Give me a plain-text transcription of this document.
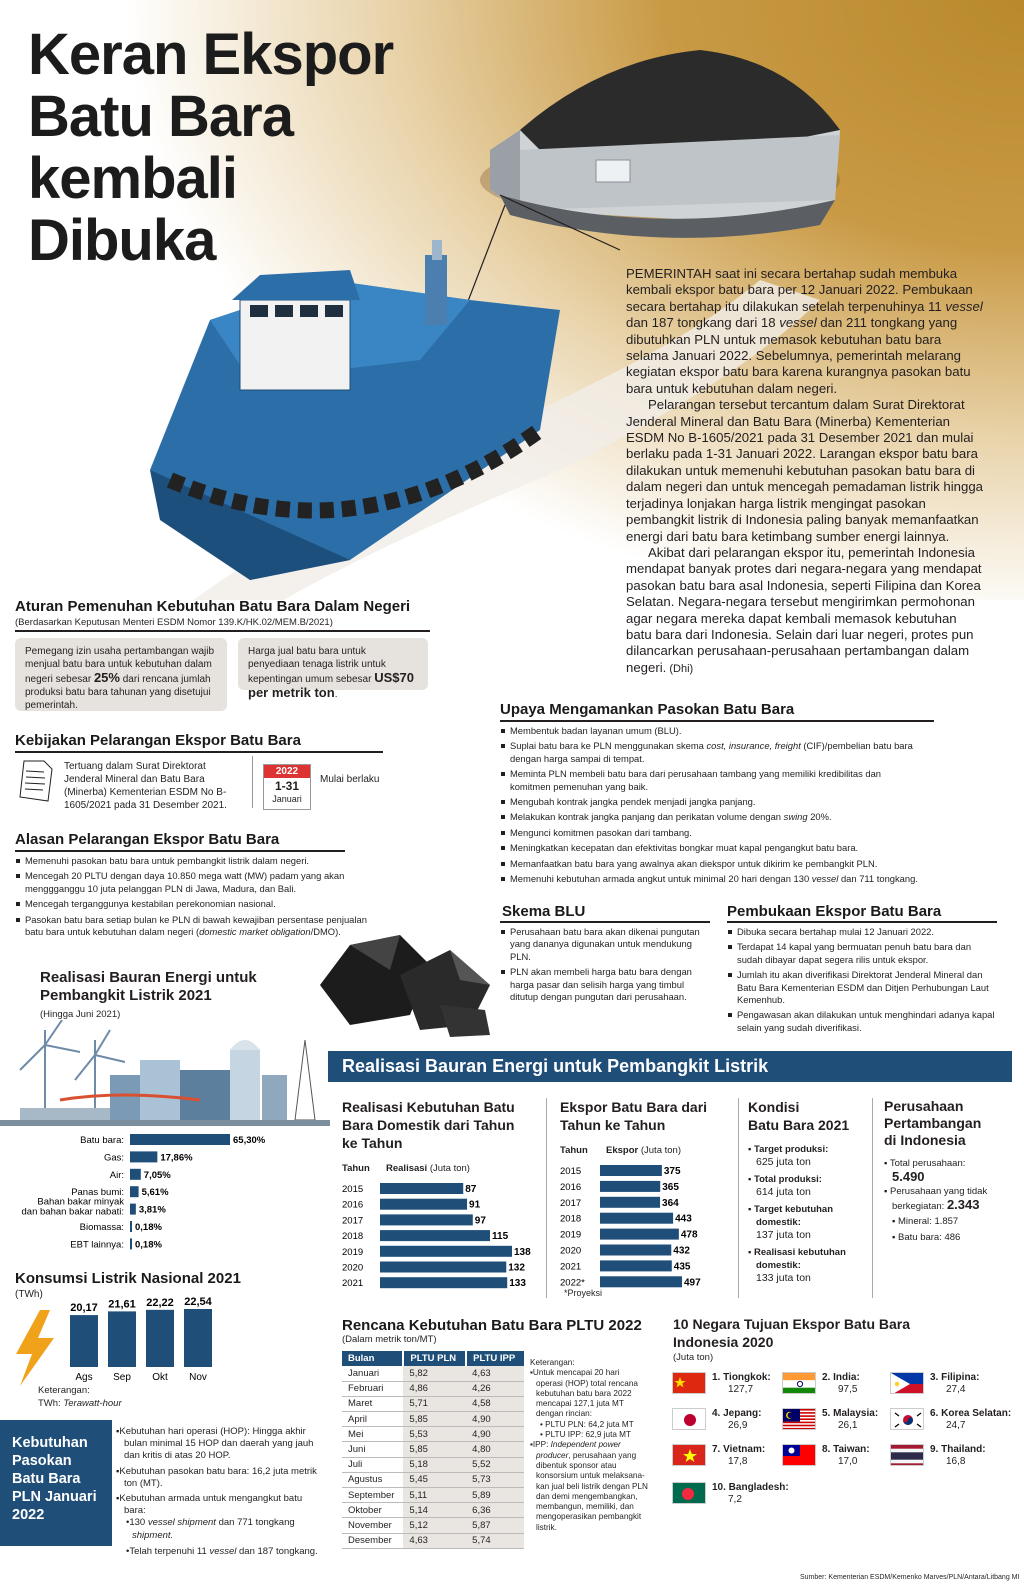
Keran Ekspor
Batu Bara
kembali
Dibuka

PEMERINTAH saat ini secara bertahap sudah membuka kembali ekspor batu bara per 12 Januari 2022. Pembukaan secara bertahap itu dilakukan setelah terpenuhinya 11 vessel dan 187 tongkang dari 18 vessel dan 211 tongkang yang dibutuhkan PLN untuk memasok kebutuhan batu bara selama Januari 2022. Sebelumnya, pemerintah melarang kegiatan ekspor batu bara karena kurangnya pasokan batu bara untuk kebutuhan dalam negeri.

Pelarangan tersebut tercantum dalam Surat Direktorat Jenderal Mineral dan Batu Bara (Minerba) Kementerian ESDM No B-1605/2021 pada 31 Desember 2021 dan mulai berlaku pada 1-31 Januari 2022. Larangan ekspor batu bara dilakukan untuk memenuhi kebutuhan pasokan batu bara di dalam negeri dan untuk mencegah pemadaman listrik hingga terjadinya lonjakan harga listrik mengingat pasokan pembangkit listrik di Indonesia paling banyak memanfaatkan energi dari batu bara ketimbang sumber energi lainnya.

Akibat dari pelarangan ekspor itu, pemerintah Indonesia mendapat banyak protes dari negara-negara yang mendapat pasokan batu bara asal Indonesia, seperti Filipina dan Korea Selatan. Negara-negara tersebut mengirimkan permohonan agar negara mereka dapat kembali memasok kebutuhan batu bara dari Indonesia. Selain dari luar negeri, protes pun dilancarkan perusahaan-perusahaan pertambangan dalam negeri. (Dhi)

Aturan Pemenuhan Kebutuhan Batu Bara Dalam Negeri
(Berdasarkan Keputusan Menteri ESDM Nomor 139.K/HK.02/MEM.B/2021)
Pemegang izin usaha pertambangan wajib menjual batu bara untuk kebutuhan dalam negeri sebesar 25% dari rencana jumlah produksi batu bara tahunan yang disetujui pemerintah.
Harga jual batu bara untuk penyediaan tenaga listrik untuk kepentingan umum sebesar US$70 per metrik ton.
Kebijakan Pelarangan Ekspor Batu Bara
Tertuang dalam Surat Direktorat Jenderal Mineral dan Batu Bara (Minerba) Kementerian ESDM No B-1605/2021 pada 31 Desember 2021.
2022
1-31
Januari
Mulai berlaku
Alasan Pelarangan Ekspor Batu Bara
Memenuhi pasokan batu bara untuk pembangkit listrik dalam negeri.
Mencegah 20 PLTU dengan daya 10.850 mega watt (MW) padam yang akan menggganggu 10 juta pelanggan PLN di Jawa, Madura, dan Bali.
Mencegah terganggunya kestabilan perekonomian nasional.
Pasokan batu bara setiap bulan ke PLN di bawah kewajiban persentase penjualan batu bara untuk kebutuhan dalam negeri (domestic market obligation/DMO).
Upaya Mengamankan Pasokan Batu Bara
Membentuk badan layanan umum (BLU).
Suplai batu bara ke PLN menggunakan skema cost, insurance, freight (CIF)/pembelian batu bara dengan harga sampai di tempat.
Meminta PLN membeli batu bara dari perusahaan tambang yang memiliki kredibilitas dan komitmen pemenuhan yang baik.
Mengubah kontrak jangka pendek menjadi jangka panjang.
Melakukan kontrak jangka panjang dan perikatan volume dengan swing 20%.
Mengunci komitmen pasokan dari tambang.
Meningkatkan kecepatan dan efektivitas bongkar muat kapal pengangkut batu bara.
Memanfaatkan batu bara yang awalnya akan diekspor untuk dikirim ke pembangkit PLN.
Memenuhi kebutuhan armada angkut untuk minimal 20 hari dengan 130 vessel dan 711 tongkang.
Skema BLU
Perusahaan batu bara akan dikenai pungutan yang dananya digunakan untuk mendukung PLN.
PLN akan membeli harga batu bara dengan harga pasar dan selisih harga yang timbul ditutup dengan pungutan dari perusahaan.
Pembukaan Ekspor Batu Bara
Dibuka secara bertahap mulai 12 Januari 2022.
Terdapat 14 kapal yang bermuatan penuh batu bara dan sudah dibayar dapat segera rilis untuk ekspor.
Jumlah itu akan diverifikasi Direktorat Jenderal Mineral dan Batu Bara Kementerian ESDM dan Ditjen Perhubungan Laut Kemenhub.
Pengawasan akan dilakukan untuk menghindari adanya kapal selain yang sudah diverifikasi.
Realisasi Bauran Energi untuk
Pembangkit Listrik 2021
(Hingga Juni 2021)
Batu bara:	65,30%
Gas:	17,86%
Air: 7,05%
Panas bumi: 5,61%
Bahan bakar minyak
dan bahan bakar nabati: 3,81%
Biomassa: 0,18%
EBT lainnya: 0,18%
Konsumsi Listrik Nasional 2021
(TWh)
20,17
Ags
21,61
Sep
22,22
Okt
22,54
Nov
Keterangan:
TWh: Terawatt-hour
Realisasi Bauran Energi untuk Pembangkit Listrik
Realisasi Kebutuhan Batu
Bara Domestik dari Tahun
ke Tahun
Tahun Realisasi (Juta ton)
2015	87
2016	91
2017	97
2018	115
2019	138
2020	132
2021	133
Ekspor Batu Bara dari
Tahun ke Tahun
Tahun Ekspor (Juta ton)
2015	375
2016	365
2017	364
2018	443
2019	478
2020	432
2021	435
2022*	497
*Proyeksi
Kondisi
Batu Bara 2021
▪ Target produksi:
625 juta ton
▪ Total produksi:
614 juta ton
▪ Target kebutuhan domestik:
137 juta ton
▪ Realisasi kebutuhan domestik:
133 juta ton
Perusahaan
Pertambangan
di Indonesia
▪ Total perusahaan:
5.490
▪ Perusahaan yang tidak berkegiatan: 2.343
▪ Mineral: 1.857
▪ Batu bara: 486
Rencana Kebutuhan Batu Bara PLTU 2022
(Dalam metrik ton/MT)
Bulan	PLTU PLN	PLTU IPP
Januari	5,82	4,63
Februari	4,86	4,26
Maret	5,71	4,58
April	5,85	4,90
Mei	5,53	4,90
Juni	5,85	4,80
Juli	5,18	5,52
Agustus	5,45	5,73
September	5,11	5,89
Oktober	5,14	6,36
November	5,12	5,87
Desember	4,63	5,74
Keterangan:
▪Untuk mencapai 20 hari operasi (HOP) total rencana kebutuhan batu bara 2022 mencapai 127,1 juta MT dengan rincian:
• PLTU PLN: 64,2 juta MT
• PLTU IPP: 62,9 juta MT
▪IPP: Independent power producer, perusahaan yang dibentuk sponsor atau konsorsium untuk melaksana-kan jual beli listrik dengan PLN dan demi mengembangkan, membangun, memiliki, dan mengoperasikan pembangkit listrik.
10 Negara Tujuan Ekspor Batu Bara
Indonesia 2020
(Juta ton)
1. Tiongkok:
127,7
2. India:
97,5
3. Filipina:
27,4
4. Jepang:
26,9
5. Malaysia:
26,1
6. Korea Selatan:
24,7
7. Vietnam:
17,8
8. Taiwan:
17,0
9. Thailand:
16,8
10. Bangladesh:
7,2
Kebutuhan Pasokan Batu Bara PLN Januari 2022
▪Kebutuhan hari operasi (HOP): Hingga akhir bulan minimal 15 HOP dan daerah yang jauh dan kritis di atas 20 HOP.
▪Kebutuhan pasokan batu bara: 16,2 juta metrik ton (MT).
▪Kebutuhan armada untuk mengangkut batu bara:
•130 vessel shipment dan 771 tongkang shipment.
•Telah terpenuhi 11 vessel dan 187 tongkang.
Sumber: Kementerian ESDM/Kemenko Marves/PLN/Antara/Litbang MI
